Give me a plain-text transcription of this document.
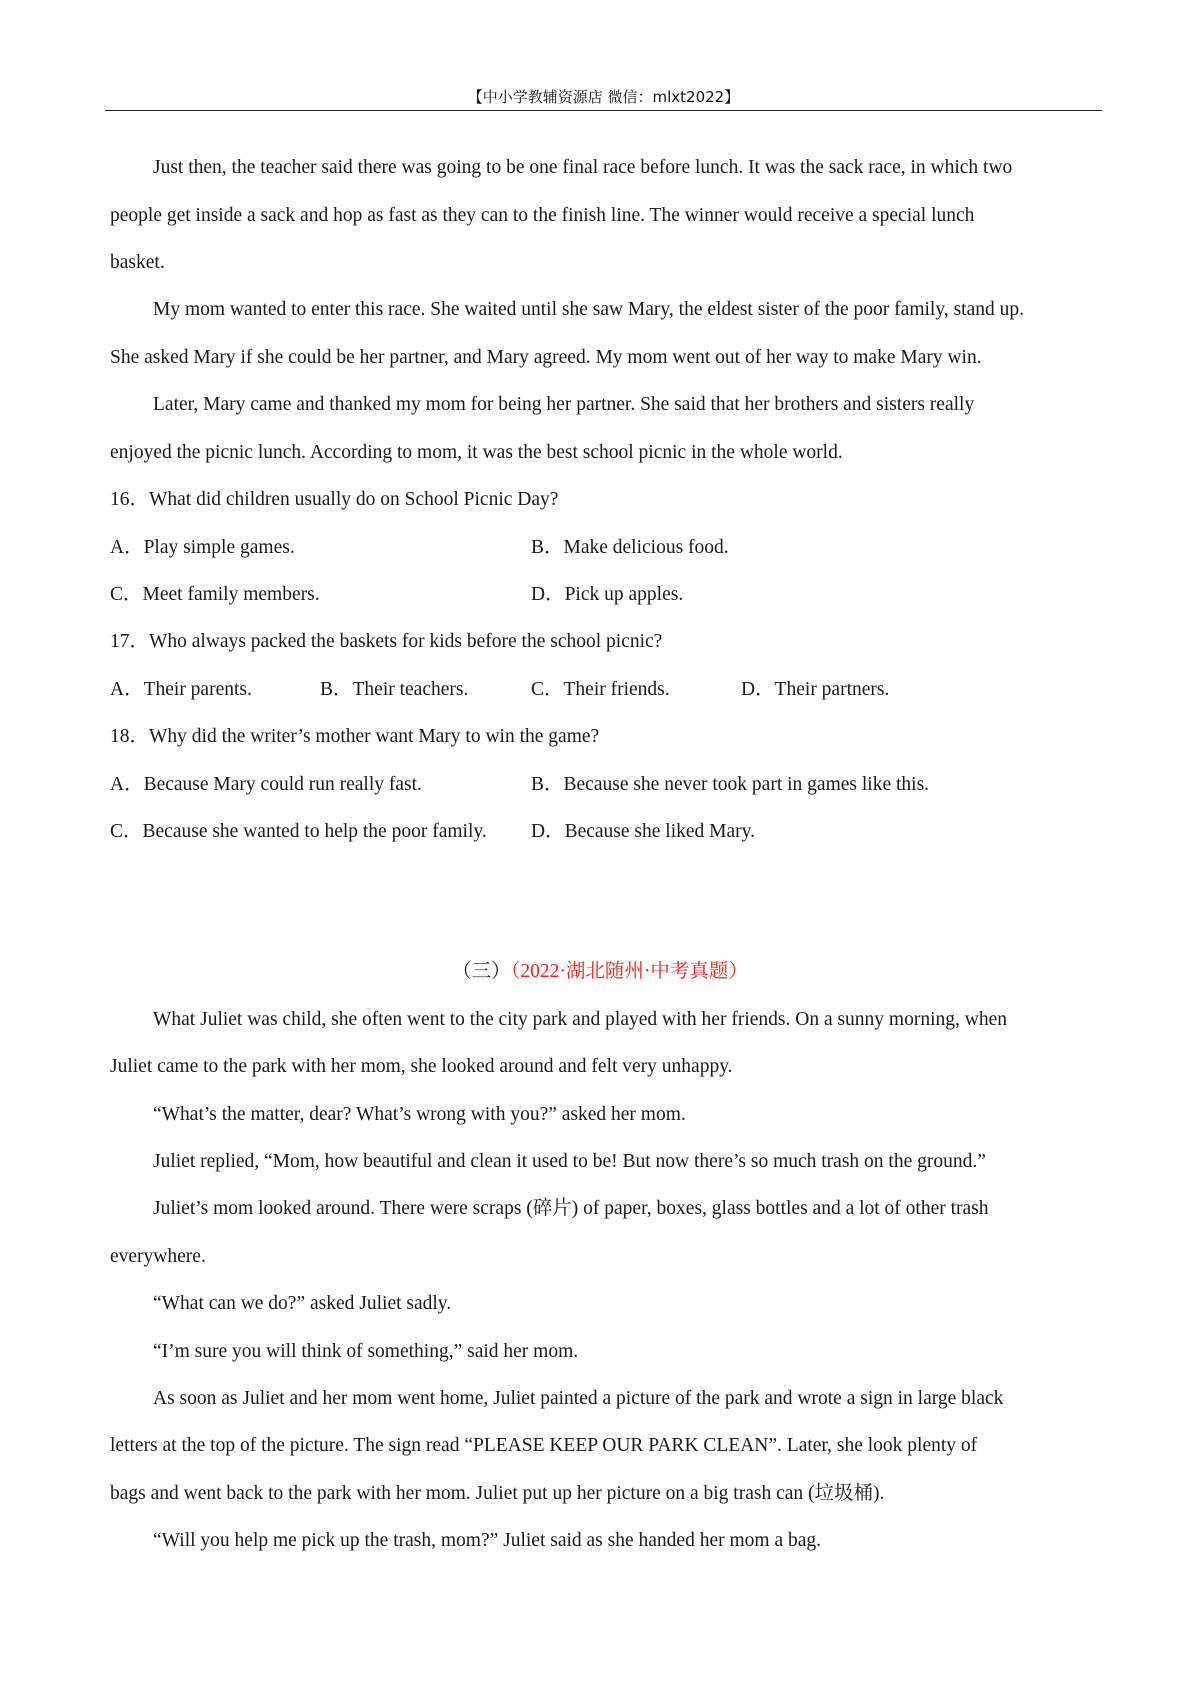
【中小学教辅资源店 微信：mlxt2022】
Just then, the teacher said there was going to be one final race before lunch. It was the sack race, in which two
people get inside a sack and hop as fast as they can to the finish line. The winner would receive a special lunch
basket.
My mom wanted to enter this race. She waited until she saw Mary, the eldest sister of the poor family, stand up.
She asked Mary if she could be her partner, and Mary agreed. My mom went out of her way to make Mary win.
Later, Mary came and thanked my mom for being her partner. She said that her brothers and sisters really
enjoyed the picnic lunch. According to mom, it was the best school picnic in the whole world.
16．What did children usually do on School Picnic Day?
A．Play simple games.	B．Make delicious food.
C．Meet family members.	D．Pick up apples.
17．Who always packed the baskets for kids before the school picnic?
A．Their parents.	B．Their teachers.	C．Their friends.	D．Their partners.
18．Why did the writer’s mother want Mary to win the game?
A．Because Mary could run really fast.	B．Because she never took part in games like this.
C．Because she wanted to help the poor family. D．Because she liked Mary.
（三）（2022·湖北随州·中考真题）
What Juliet was child, she often went to the city park and played with her friends. On a sunny morning, when
Juliet came to the park with her mom, she looked around and felt very unhappy.
“What’s the matter, dear? What’s wrong with you?” asked her mom.
Juliet replied, “Mom, how beautiful and clean it used to be! But now there’s so much trash on the ground.”
Juliet’s mom looked around. There were scraps (碎片) of paper, boxes, glass bottles and a lot of other trash
everywhere.
“What can we do?” asked Juliet sadly.
“I’m sure you will think of something,” said her mom.
As soon as Juliet and her mom went home, Juliet painted a picture of the park and wrote a sign in large black
letters at the top of the picture. The sign read “PLEASE KEEP OUR PARK CLEAN”. Later, she look plenty of
bags and went back to the park with her mom. Juliet put up her picture on a big trash can (垃圾桶).
“Will you help me pick up the trash, mom?” Juliet said as she handed her mom a bag.
